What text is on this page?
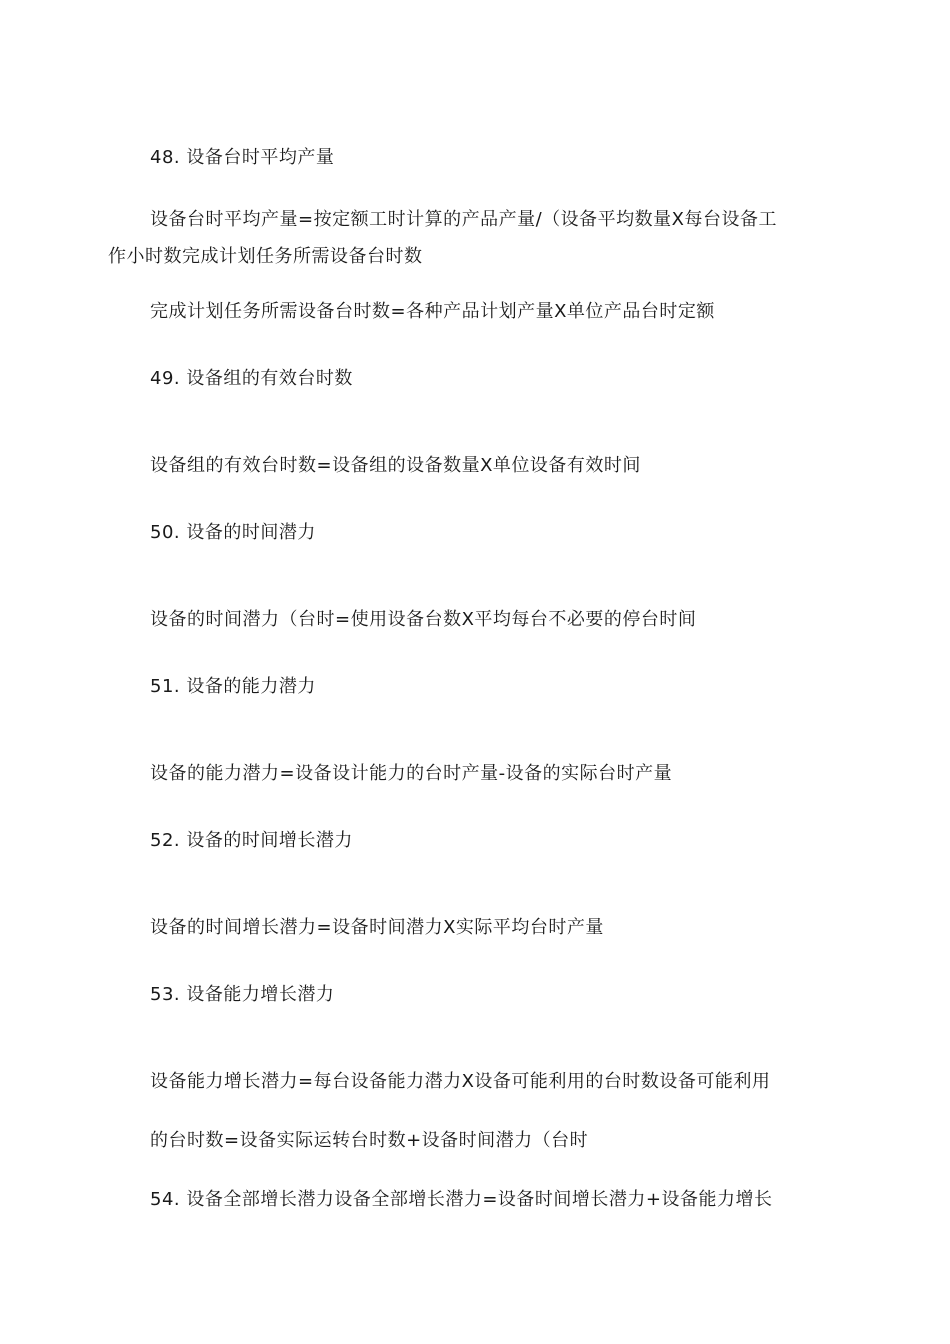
48. 设备台时平均产量
设备台时平均产量=按定额工时计算的产品产量/（设备平均数量X每台设备工
作小时数完成计划任务所需设备台时数
完成计划任务所需设备台时数=各种产品计划产量X单位产品台时定额
49. 设备组的有效台时数
设备组的有效台时数=设备组的设备数量X单位设备有效时间
50. 设备的时间潜力
设备的时间潜力（台时=使用设备台数X平均每台不必要的停台时间
51. 设备的能力潜力
设备的能力潜力=设备设计能力的台时产量-设备的实际台时产量
52. 设备的时间增长潜力
设备的时间增长潜力=设备时间潜力X实际平均台时产量
53. 设备能力增长潜力
设备能力增长潜力=每台设备能力潜力X设备可能利用的台时数设备可能利用
的台时数=设备实际运转台时数+设备时间潜力（台时
54. 设备全部增长潜力设备全部增长潜力=设备时间增长潜力+设备能力增长
